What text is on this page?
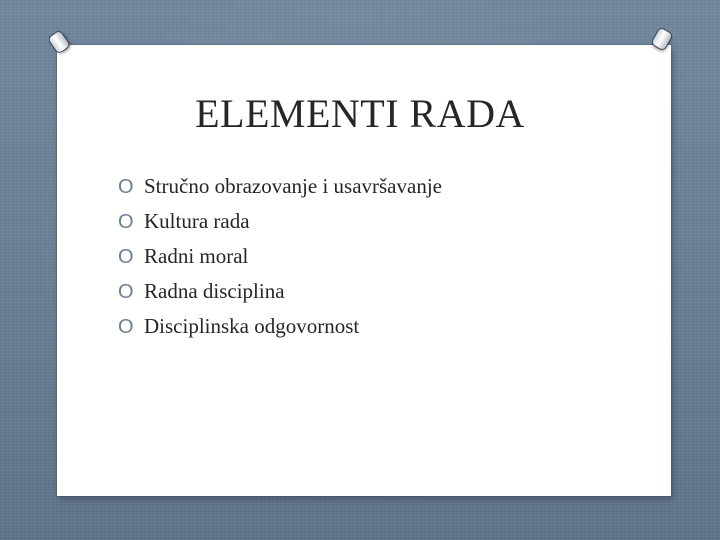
ELEMENTI RADA
O Stručno obrazovanje i usavršavanje
O Kultura rada
O Radni moral
O Radna disciplina
O Disciplinska odgovornost
